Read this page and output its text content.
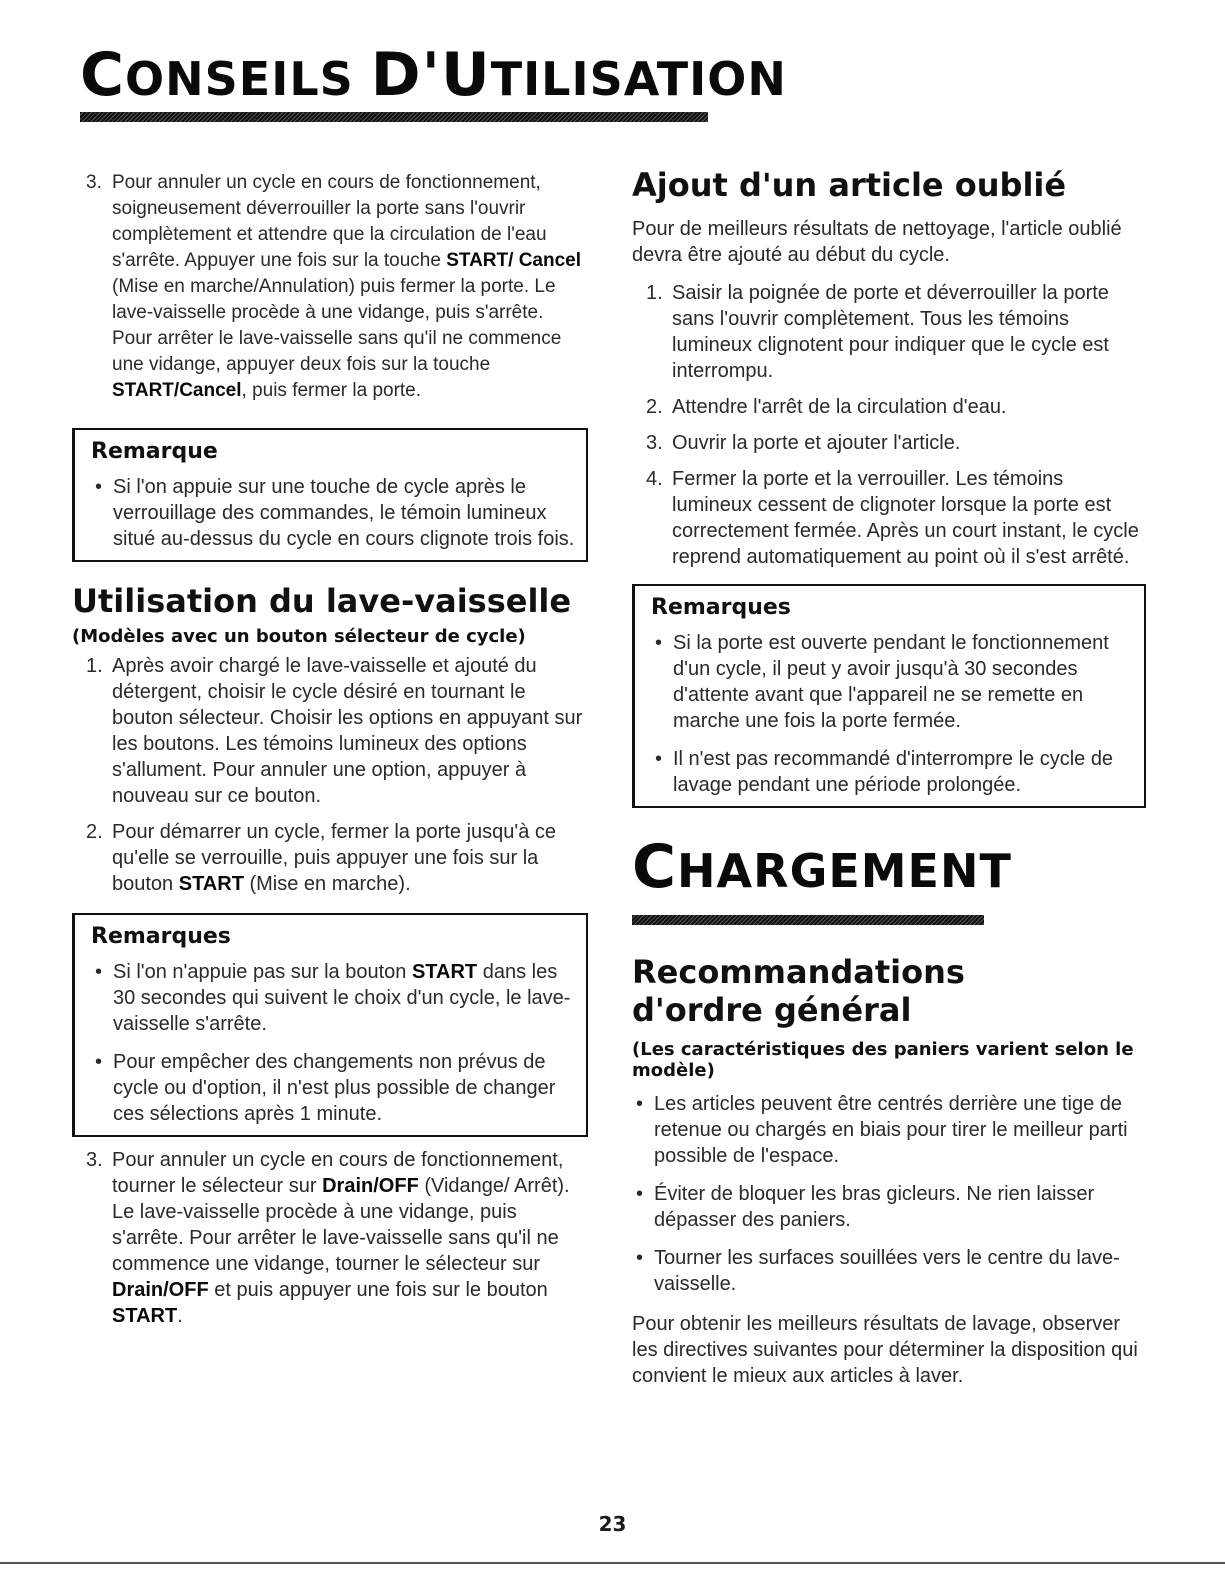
CONSEILS D'UTILISATION
3. Pour annuler un cycle en cours de fonctionnement, soigneusement déverrouiller la porte sans l'ouvrir complètement et attendre que la circulation de l'eau s'arrête. Appuyer une fois sur la touche START/ Cancel (Mise en marche/Annulation) puis fermer la porte. Le lave-vaisselle procède à une vidange, puis s'arrête. Pour arrêter le lave-vaisselle sans qu'il ne commence une vidange, appuyer deux fois sur la touche START/Cancel, puis fermer la porte.
Remarque
• Si l'on appuie sur une touche de cycle après le verrouillage des commandes, le témoin lumineux situé au-dessus du cycle en cours clignote trois fois.
Utilisation du lave-vaisselle
(Modèles avec un bouton sélecteur de cycle)
1. Après avoir chargé le lave-vaisselle et ajouté du détergent, choisir le cycle désiré en tournant le bouton sélecteur. Choisir les options en appuyant sur les boutons. Les témoins lumineux des options s'allument. Pour annuler une option, appuyer à nouveau sur ce bouton.
2. Pour démarrer un cycle, fermer la porte jusqu'à ce qu'elle se verrouille, puis appuyer une fois sur la bouton START (Mise en marche).
Remarques
• Si l'on n'appuie pas sur la bouton START dans les 30 secondes qui suivent le choix d'un cycle, le lave-vaisselle s'arrête.
• Pour empêcher des changements non prévus de cycle ou d'option, il n'est plus possible de changer ces sélections après 1 minute.
3. Pour annuler un cycle en cours de fonctionnement, tourner le sélecteur sur Drain/OFF (Vidange/ Arrêt). Le lave-vaisselle procède à une vidange, puis s'arrête. Pour arrêter le lave-vaisselle sans qu'il ne commence une vidange, tourner le sélecteur sur Drain/OFF et puis appuyer une fois sur le bouton START.
Ajout d'un article oublié

Pour de meilleurs résultats de nettoyage, l'article oublié devra être ajouté au début du cycle.

1. Saisir la poignée de porte et déverrouiller la porte sans l'ouvrir complètement. Tous les témoins lumineux clignotent pour indiquer que le cycle est interrompu.
2. Attendre l'arrêt de la circulation d'eau.
3. Ouvrir la porte et ajouter l'article.
4. Fermer la porte et la verrouiller. Les témoins lumineux cessent de clignoter lorsque la porte est correctement fermée. Après un court instant, le cycle reprend automatiquement au point où il s'est arrêté.
Remarques
• Si la porte est ouverte pendant le fonctionnement d'un cycle, il peut y avoir jusqu'à 30 secondes d'attente avant que l'appareil ne se remette en marche une fois la porte fermée.
• Il n'est pas recommandé d'interrompre le cycle de lavage pendant une période prolongée.
CHARGEMENT
Recommandations d'ordre général
(Les caractéristiques des paniers varient selon le modèle)
• Les articles peuvent être centrés derrière une tige de retenue ou chargés en biais pour tirer le meilleur parti possible de l'espace.
• Éviter de bloquer les bras gicleurs. Ne rien laisser dépasser des paniers.
• Tourner les surfaces souillées vers le centre du lave-vaisselle.

Pour obtenir les meilleurs résultats de lavage, observer les directives suivantes pour déterminer la disposition qui convient le mieux aux articles à laver.

23
